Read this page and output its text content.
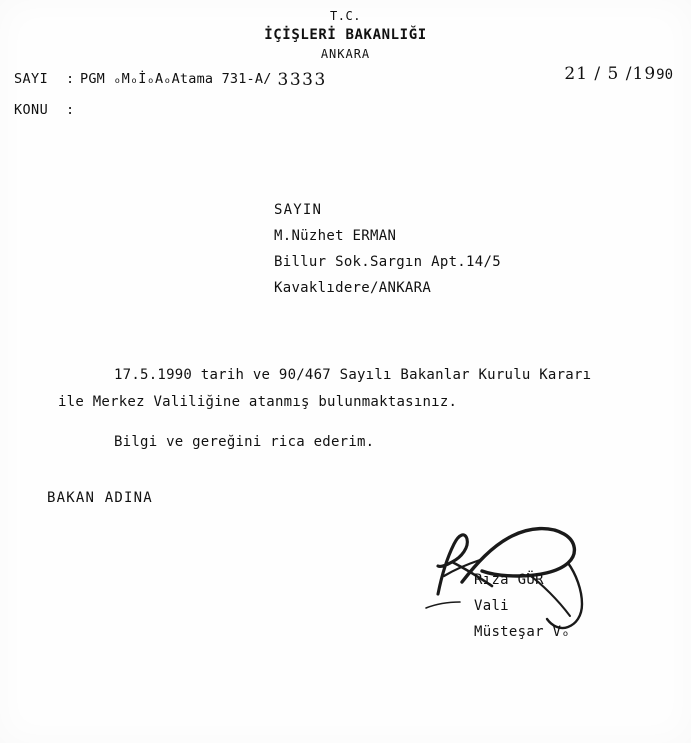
T.C.
İÇİŞLERİ BAKANLIĞI
ANKARA
SAYI : PGM ₒMₒİₒAₒAtama 731-A/ 3333	21 / 5 /1990
KONU :
SAYIN
M.Nüzhet ERMAN
Billur Sok.Sargın Apt.14/5
Kavaklıdere/ANKARA

17.5.1990 tarih ve 90/467 Sayılı Bakanlar Kurulu Kararı

ile Merkez Valiliğine atanmış bulunmaktasınız.

Bilgi ve gereğini rica ederim.

BAKAN ADINA
Rıza GÜR
Vali
Müsteşar Vₒ
